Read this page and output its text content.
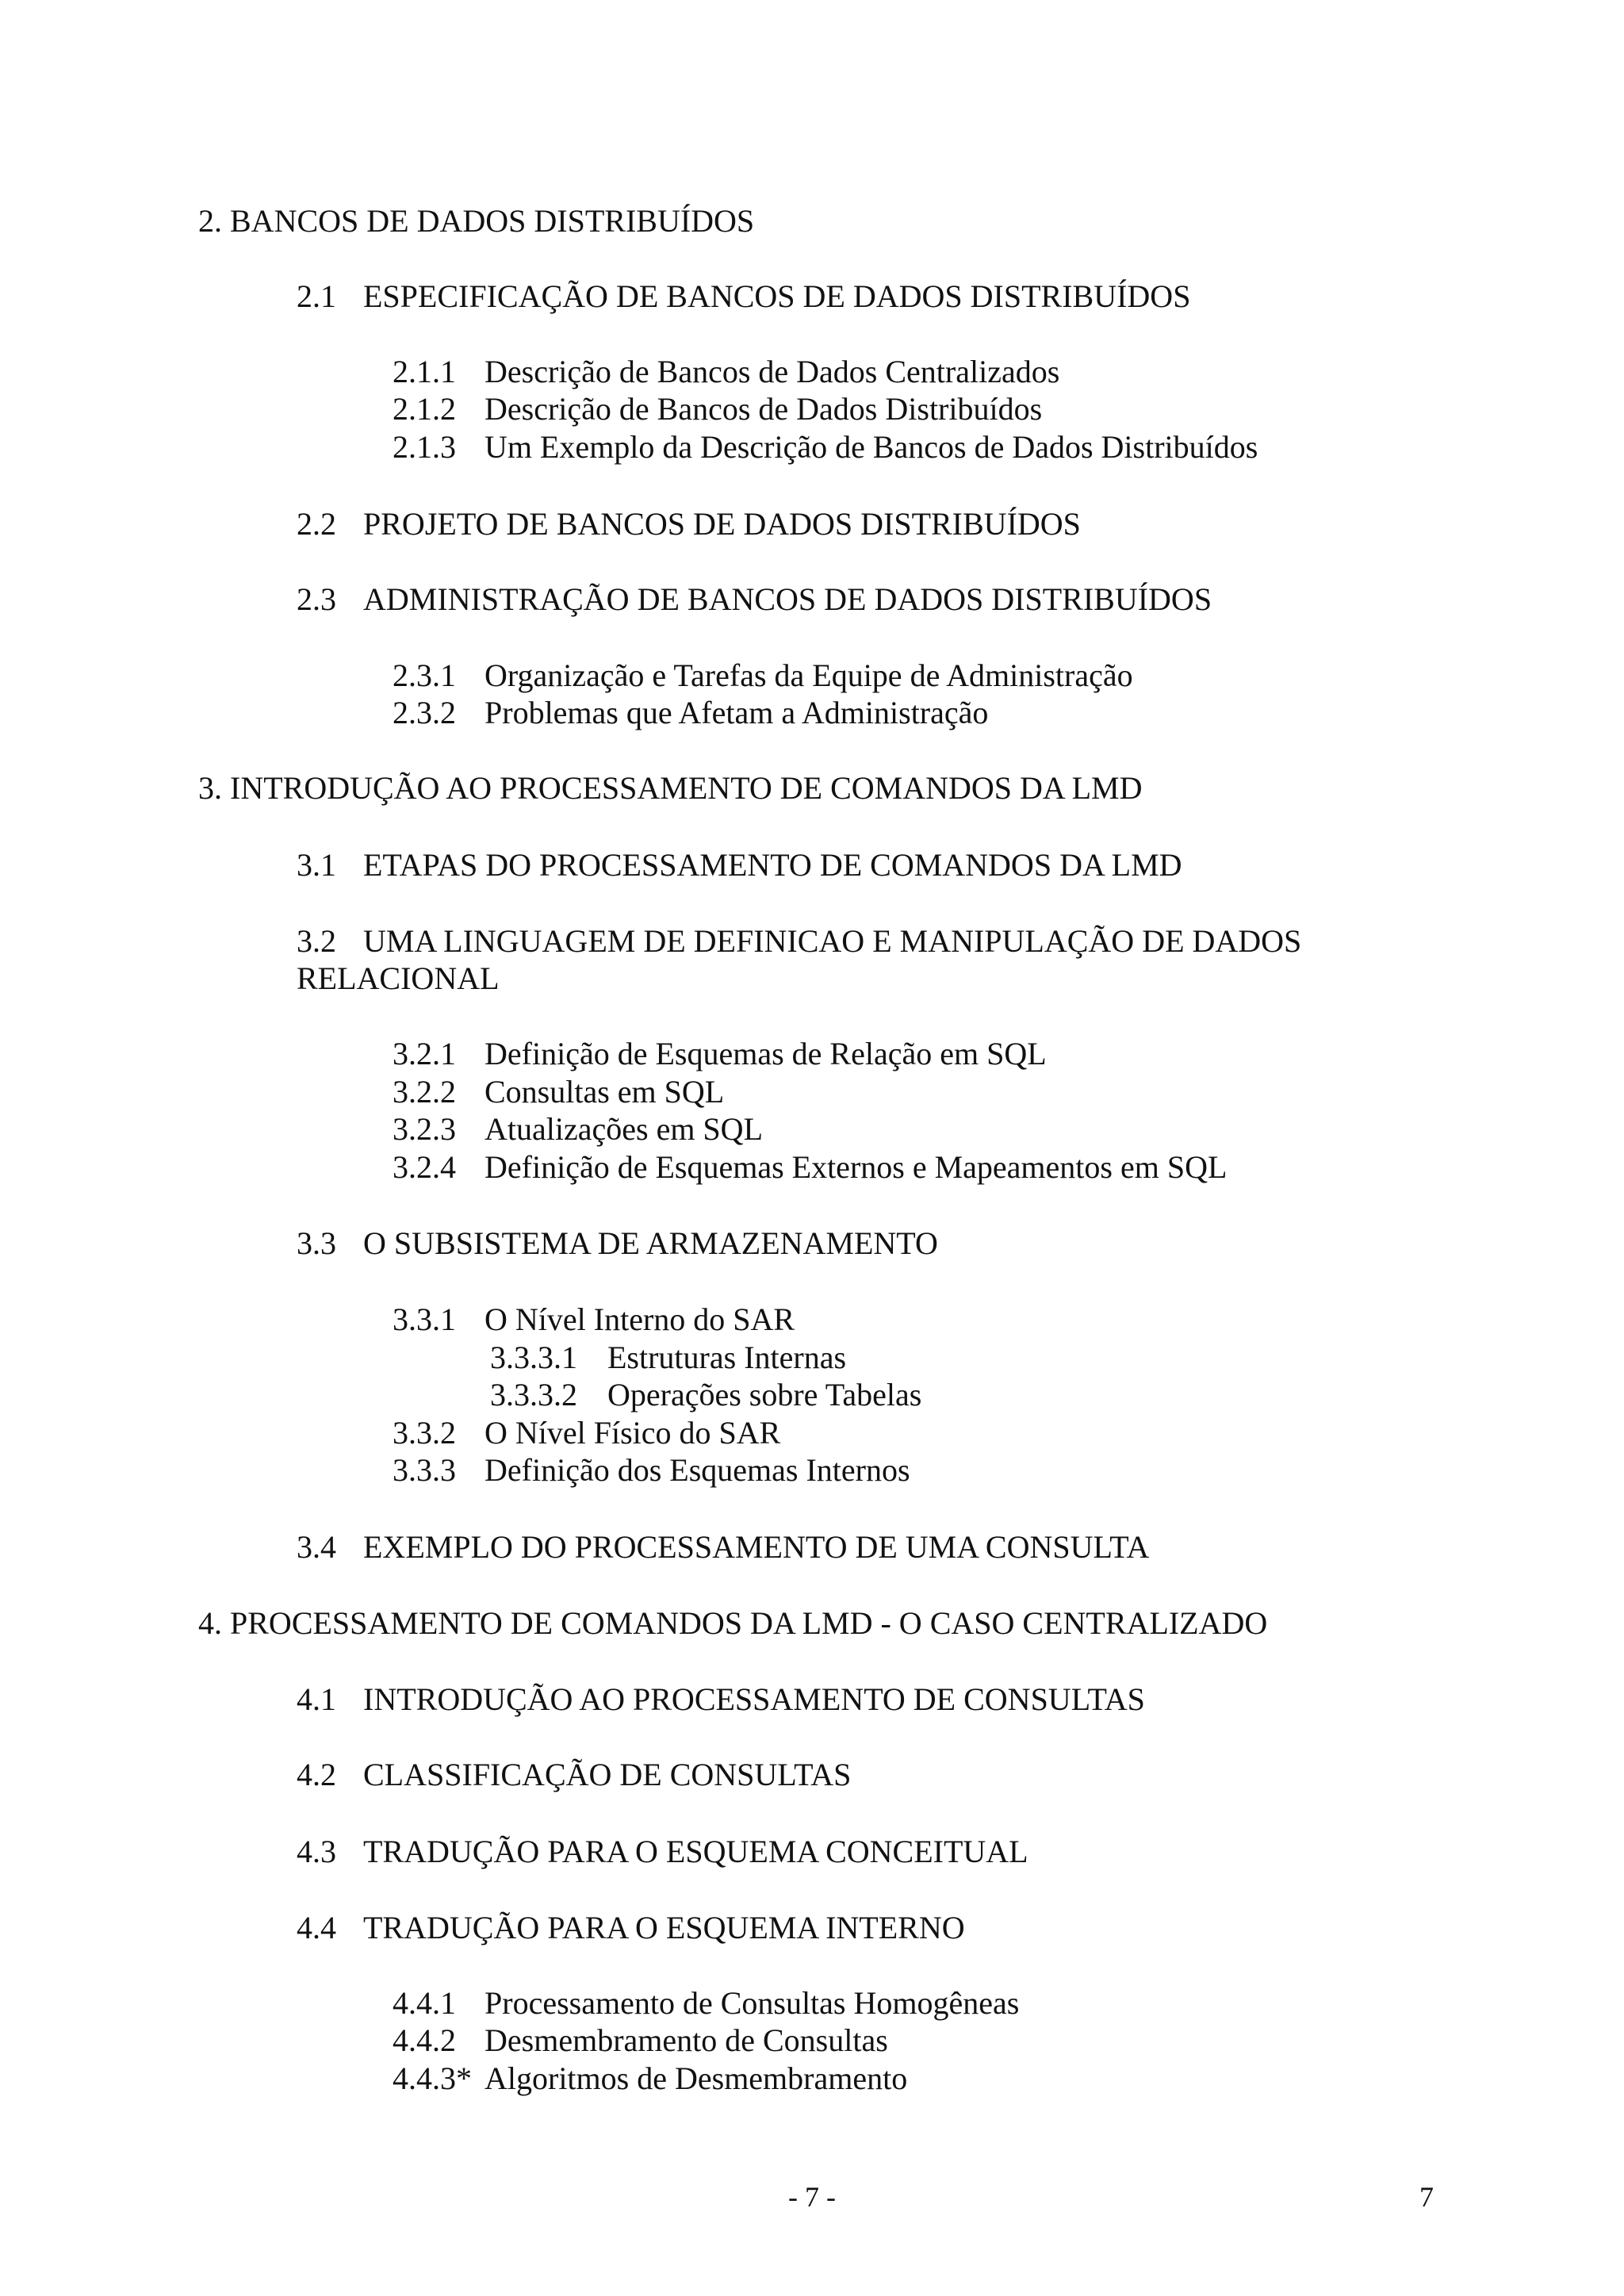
2. BANCOS DE DADOS DISTRIBUÍDOS
2.1 ESPECIFICAÇÃO DE BANCOS DE DADOS DISTRIBUÍDOS
2.1.1 Descrição de Bancos de Dados Centralizados
2.1.2 Descrição de Bancos de Dados Distribuídos
2.1.3 Um Exemplo da Descrição de Bancos de Dados Distribuídos
2.2 PROJETO DE BANCOS DE DADOS DISTRIBUÍDOS
2.3 ADMINISTRAÇÃO DE BANCOS DE DADOS DISTRIBUÍDOS
2.3.1 Organização e Tarefas da Equipe de Administração
2.3.2 Problemas que Afetam a Administração
3. INTRODUÇÃO AO PROCESSAMENTO DE COMANDOS DA LMD
3.1 ETAPAS DO PROCESSAMENTO DE COMANDOS DA LMD
3.2 UMA LINGUAGEM DE DEFINICAO E MANIPULAÇÃO DE DADOS
RELACIONAL
3.2.1 Definição de Esquemas de Relação em SQL
3.2.2 Consultas em SQL
3.2.3 Atualizações em SQL
3.2.4 Definição de Esquemas Externos e Mapeamentos em SQL
3.3 O SUBSISTEMA DE ARMAZENAMENTO
3.3.1 O Nível Interno do SAR
3.3.3.1 Estruturas Internas
3.3.3.2 Operações sobre Tabelas
3.3.2 O Nível Físico do SAR
3.3.3 Definição dos Esquemas Internos
3.4 EXEMPLO DO PROCESSAMENTO DE UMA CONSULTA
4. PROCESSAMENTO DE COMANDOS DA LMD - O CASO CENTRALIZADO
4.1 INTRODUÇÃO AO PROCESSAMENTO DE CONSULTAS
4.2 CLASSIFICAÇÃO DE CONSULTAS
4.3 TRADUÇÃO PARA O ESQUEMA CONCEITUAL
4.4 TRADUÇÃO PARA O ESQUEMA INTERNO
4.4.1 Processamento de Consultas Homogêneas
4.4.2 Desmembramento de Consultas
4.4.3* Algoritmos de Desmembramento
- 7 -	7
